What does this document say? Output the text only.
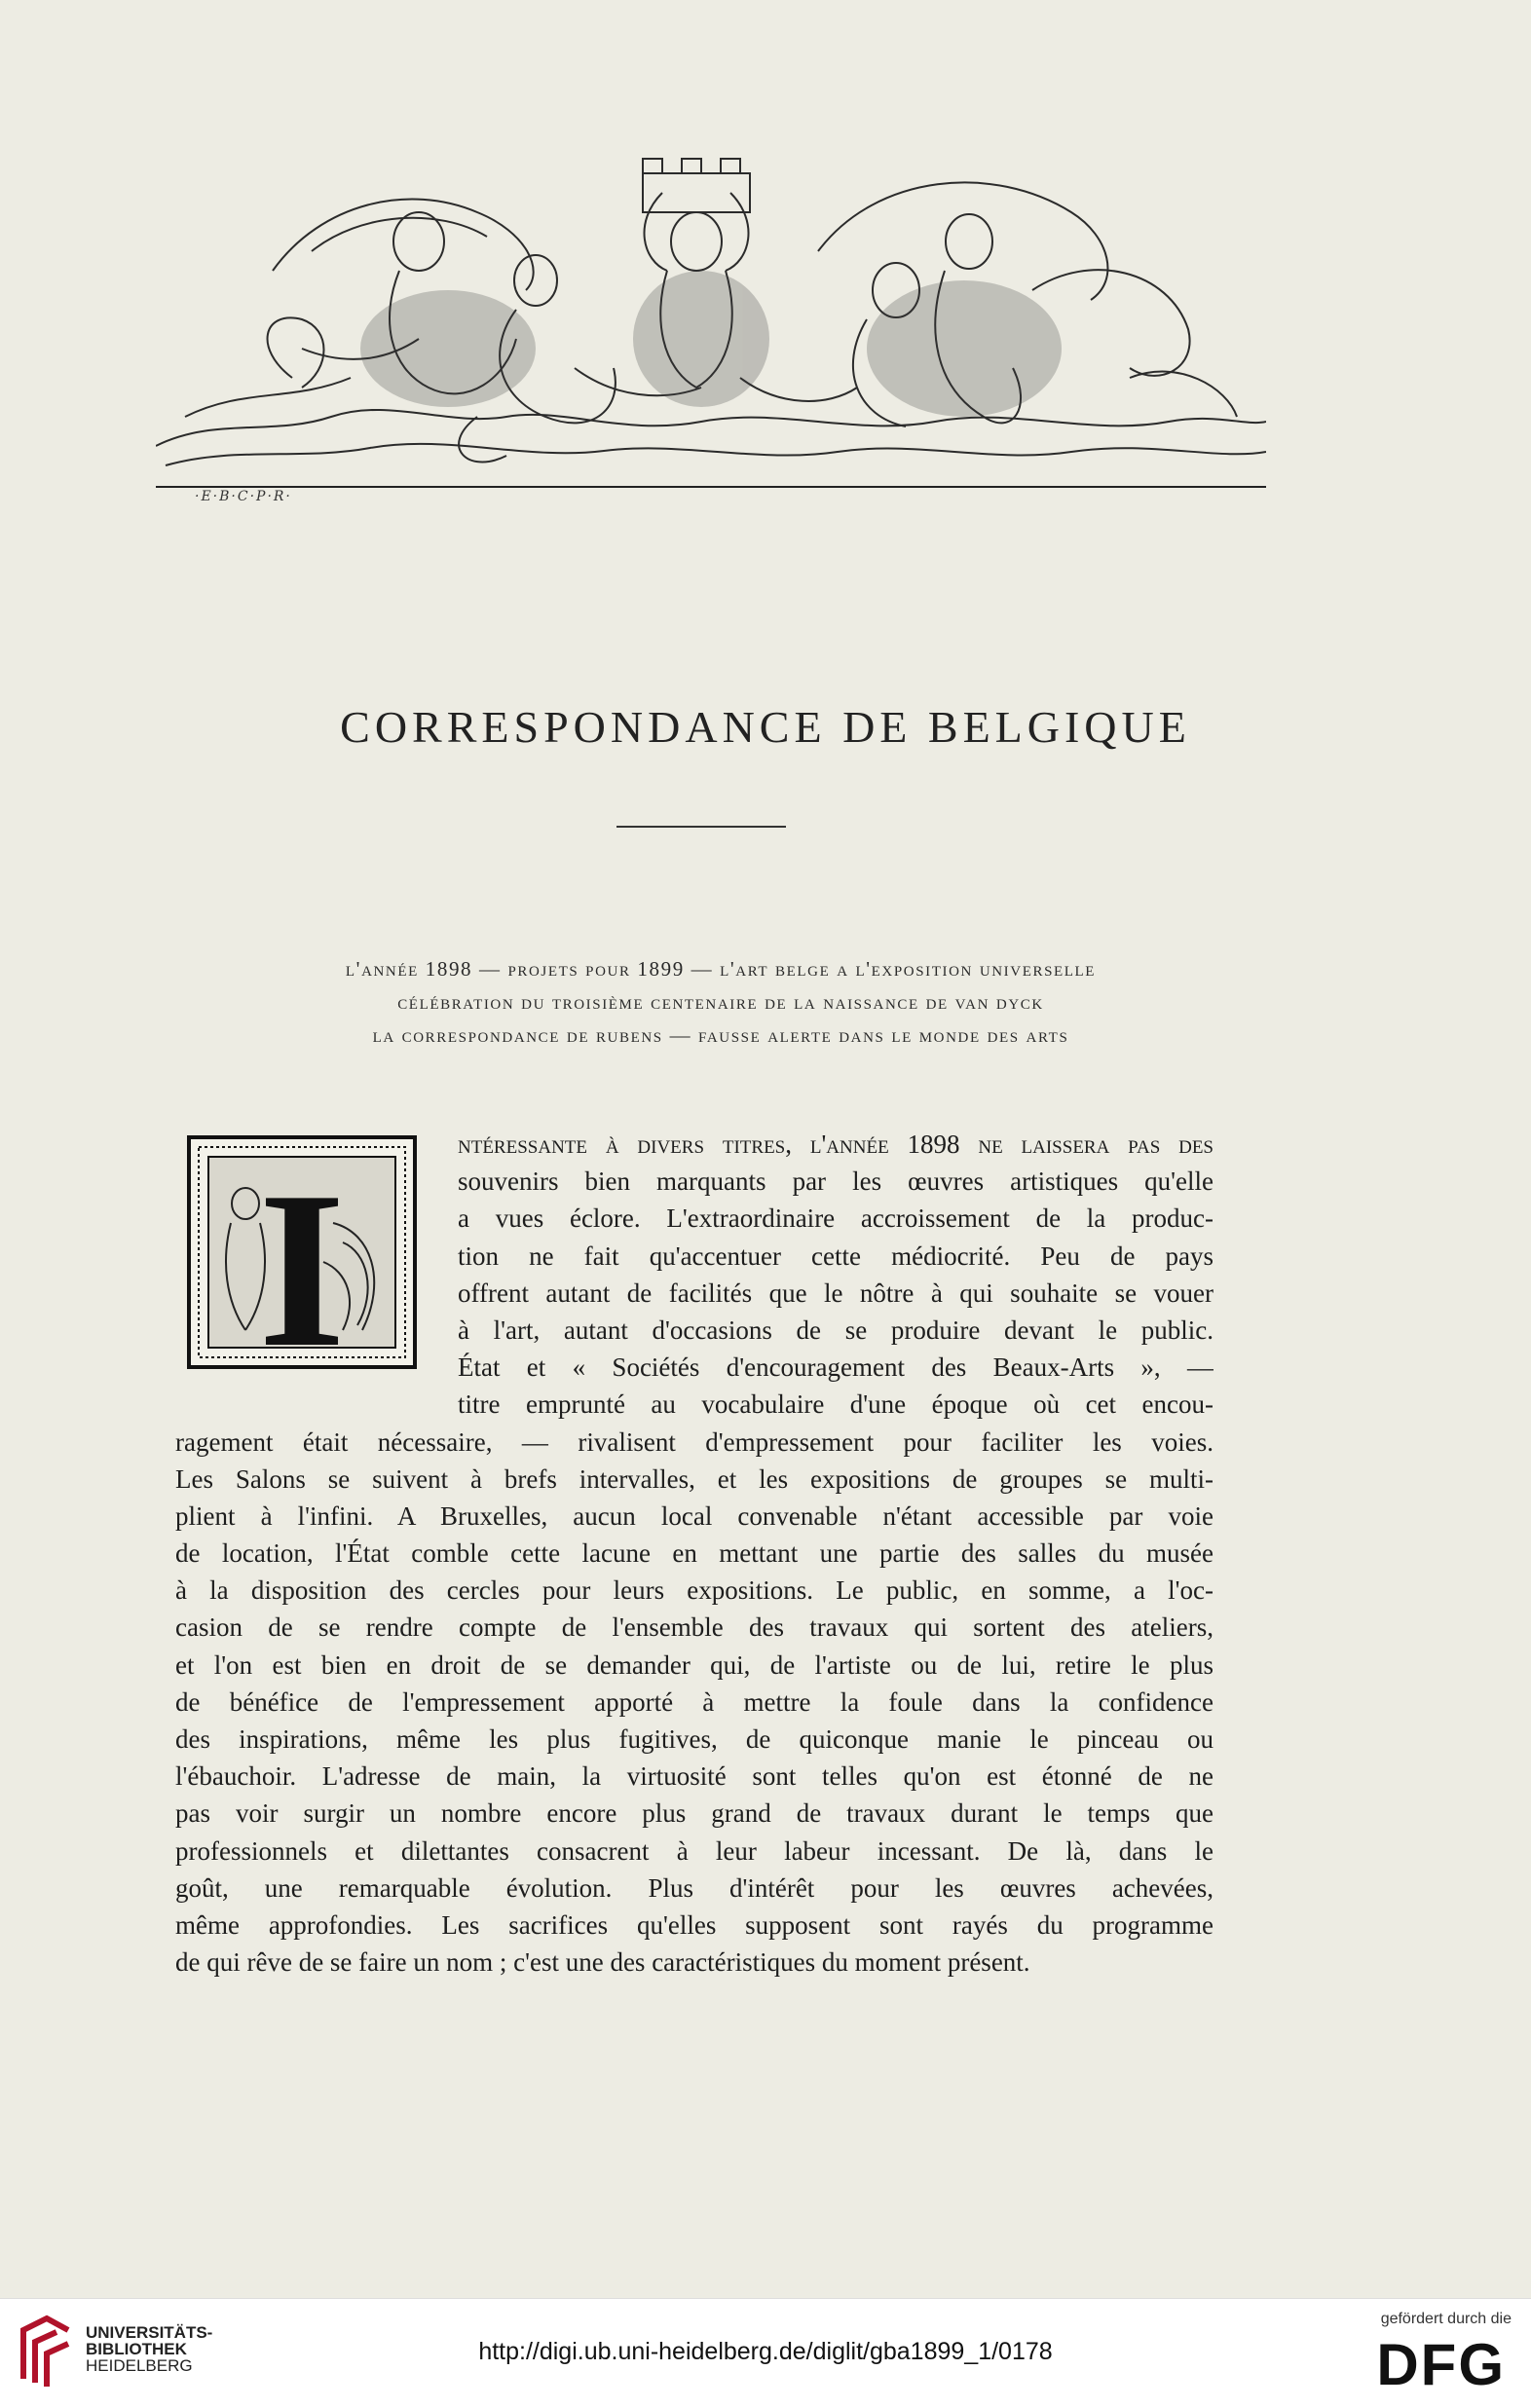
·E·B·C·P·R·
CORRESPONDANCE DE BELGIQUE
l'année 1898 — projets pour 1899 — l'art belge a l'exposition universelle
célébration du troisième centenaire de la naissance de van dyck
la correspondance de rubens — fausse alerte dans le monde des arts
I
ntéressante à divers titres, l'année 1898 ne laissera pas des
souvenirs bien marquants par les œuvres artistiques qu'elle
a vues éclore. L'extraordinaire accroissement de la produc-
tion ne fait qu'accentuer cette médiocrité. Peu de pays
offrent autant de facilités que le nôtre à qui souhaite se vouer
à l'art, autant d'occasions de se produire devant le public.
État et « Sociétés d'encouragement des Beaux-Arts », —
titre emprunté au vocabulaire d'une époque où cet encou-
ragement était nécessaire, — rivalisent d'empressement pour faciliter les voies.
Les Salons se suivent à brefs intervalles, et les expositions de groupes se multi-
plient à l'infini. A Bruxelles, aucun local convenable n'étant accessible par voie
de location, l'État comble cette lacune en mettant une partie des salles du musée
à la disposition des cercles pour leurs expositions. Le public, en somme, a l'oc-
casion de se rendre compte de l'ensemble des travaux qui sortent des ateliers,
et l'on est bien en droit de se demander qui, de l'artiste ou de lui, retire le plus
de bénéfice de l'empressement apporté à mettre la foule dans la confidence
des inspirations, même les plus fugitives, de quiconque manie le pinceau ou
l'ébauchoir. L'adresse de main, la virtuosité sont telles qu'on est étonné de ne
pas voir surgir un nombre encore plus grand de travaux durant le temps que
professionnels et dilettantes consacrent à leur labeur incessant. De là, dans le
goût, une remarquable évolution. Plus d'intérêt pour les œuvres achevées,
même approfondies. Les sacrifices qu'elles supposent sont rayés du programme
de qui rêve de se faire un nom ; c'est une des caractéristiques du moment présent.
UNIVERSITÄTS-
BIBLIOTHEK
HEIDELBERG
http://digi.ub.uni-heidelberg.de/diglit/gba1899_1/0178
gefördert durch die
DFG
